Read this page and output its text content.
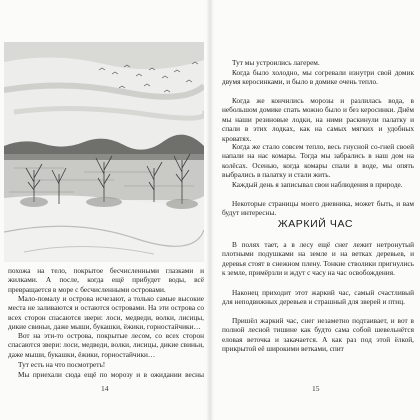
похожа на тело, покрытое бесчисленными глазками и жилками. А после, когда ещё прибудет воды, всё превращается в море с бесчисленными островами.

Мало-помалу и острова исчезают, а только самые высокие места не заливаются и остаются островами. На эти острова со всех сторон спасаются звери: лоси, медведи, волки, лисицы, дикие свиньи, даже мыши, букашки, ёжики, горностайчики…

Вот на эти-то острова, покрытые лесом, со всех сторон спасаются звери: лоси, медведи, волки, лисицы, дикие свиньи, даже мыши, букашки, ёжики, горностайчики…

Тут есть на что посмотреть!

Мы приехали сюда ещё по морозу и в ожидании весны

14

Тут мы устроились лагерем.

Когда было холодно, мы согревали изнутри свой домик двумя керосинками, и было в домике очень тепло.

Когда же кончились морозы и разлилась вода, в небольшом домике спать можно было и без керосинки. Днём мы наши резиновые лодки, на ними раскинули палатку и спали в этих лодках, как на самых мягких и удобных кроватях.

Когда же стало совсем тепло, весь гнусной со-гней своей напали на нас комары. Тогда мы забрались в наш дом на колёсах. Осенью, когда комары спали в воде, мы опять выбрались в палатку и стали жить.

Каждый день я записывал свои наблюдения в природе.

Некоторые страницы моего дневника, может быть, и вам будут интересны.

ЖАРКИЙ ЧАС

В полях тает, а в лесу ещё снег лежит нетронутый плотными подушками на земле и на ветках деревьев, и деревья стоят в снежном плену. Тонкие стволики пригнулись к земле, примёрзли и ждут с часу на час освобождения.

Наконец приходит этот жаркий час, самый счастливый для неподвижных деревьев и страшный для зверей и птиц.

Пришёл жаркий час, снег незаметно подтаивает, и вот в полной лесной тишине как будто сама собой шевельнётся еловая веточка и закачается. А как раз под этой ёлкой, прикрытой её широкими ветками, спит

15
